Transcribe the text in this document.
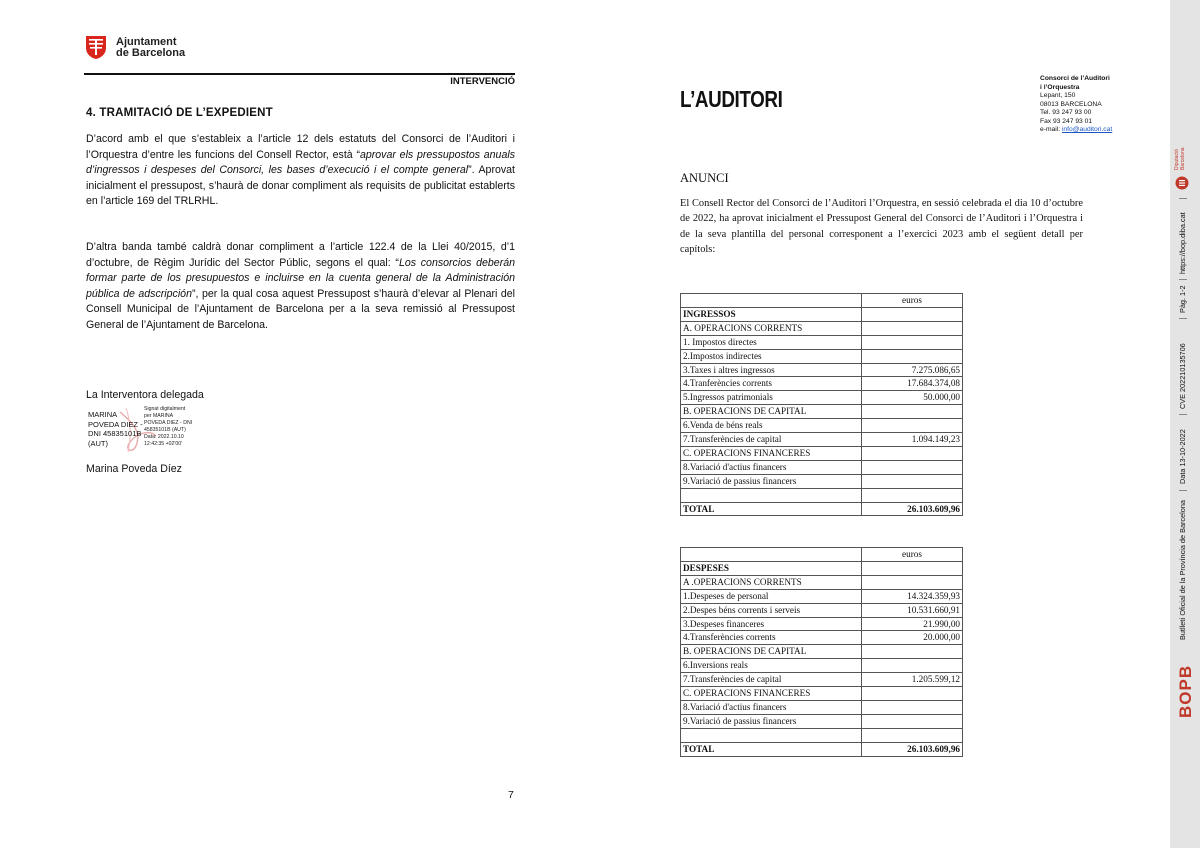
Ajuntament
de Barcelona
INTERVENCIÓ
4. TRAMITACIÓ DE L’EXPEDIENT
D’acord amb el que s’estableix a l’article 12 dels estatuts del Consorci de l’Auditori i l’Orquestra d’entre les funcions del Consell Rector, està “aprovar els pressupostos anuals d’ingressos i despeses del Consorci, les bases d’execució i el compte general”. Aprovat inicialment el pressupost, s’haurà de donar compliment als requisits de publicitat establerts en l’article 169 del TRLRHL.
D’altra banda també caldrà donar compliment a l’article 122.4 de la Llei 40/2015, d’1 d’octubre, de Règim Jurídic del Sector Públic, segons el qual: “Los consorcios deberán formar parte de los presupuestos e incluirse en la cuenta general de la Administración pública de adscripción”, per la qual cosa aquest Pressupost s’haurà d’elevar al Plenari del Consell Municipal de l’Ajuntament de Barcelona per a la seva remissió al Pressupost General de l’Ajuntament de Barcelona.
La Interventora delegada
MARINA
POVEDA DIEZ -
DNI 45835101B
(AUT)
Signat digitalment
per MARINA
POVEDA DIEZ - DNI
45835101B (AUT)
Data: 2022.10.10
12:42:35 +02'00'
Marina Poveda Díez
7
L’AUDITORI
Consorci de l’Auditori
i l’Orquestra
Lepant, 150
08013 BARCELONA
Tel. 93 247 93 00
Fax 93 247 93 01
e-mail: info@auditori.cat
ANUNCI
El Consell Rector del Consorci de l’Auditori l’Orquestra, en sessió celebrada el dia 10 d’octubre de 2022, ha aprovat inicialment el Pressupost General del Consorci de l’Auditori i l’Orquestra i de la seva plantilla del personal corresponent a l’exercici 2023 amb el següent detall per capítols:
	euros
INGRESSOS	
A. OPERACIONS CORRENTS	
1. Impostos directes	
2.Impostos indirectes	
3.Taxes i altres ingressos	7.275.086,65
4.Tranferències corrents	17.684.374,08
5.Ingressos patrimonials	50.000,00
B. OPERACIONS DE CAPITAL	
6.Venda de béns reals	
7.Transferències de capital	1.094.149,23
C. OPERACIONS FINANCERES	
8.Variació d'actius financers	
9.Variació de passius financers	

TOTAL	26.103.609,96
	euros
DESPESES	
A .OPERACIONS CORRENTS	
1.Despeses de personal	14.324.359,93
2.Despes béns corrents i serveis	10.531.660,91
3.Despeses financeres	21.990,00
4.Transferències corrents	20.000,00
B. OPERACIONS DE CAPITAL	
6.Inversions reals	
7.Transferències de capital	1.205.599,12
C. OPERACIONS FINANCERES	
8.Variació d'actius financers	
9.Variació de passius financers	

TOTAL	26.103.609,96
BOPB
Butlletí Oficial de la Província de Barcelona
Data 13-10-2022
CVE 202210135706
Pàg. 1-2
https://bop.diba.cat
Diputació Barcelona
